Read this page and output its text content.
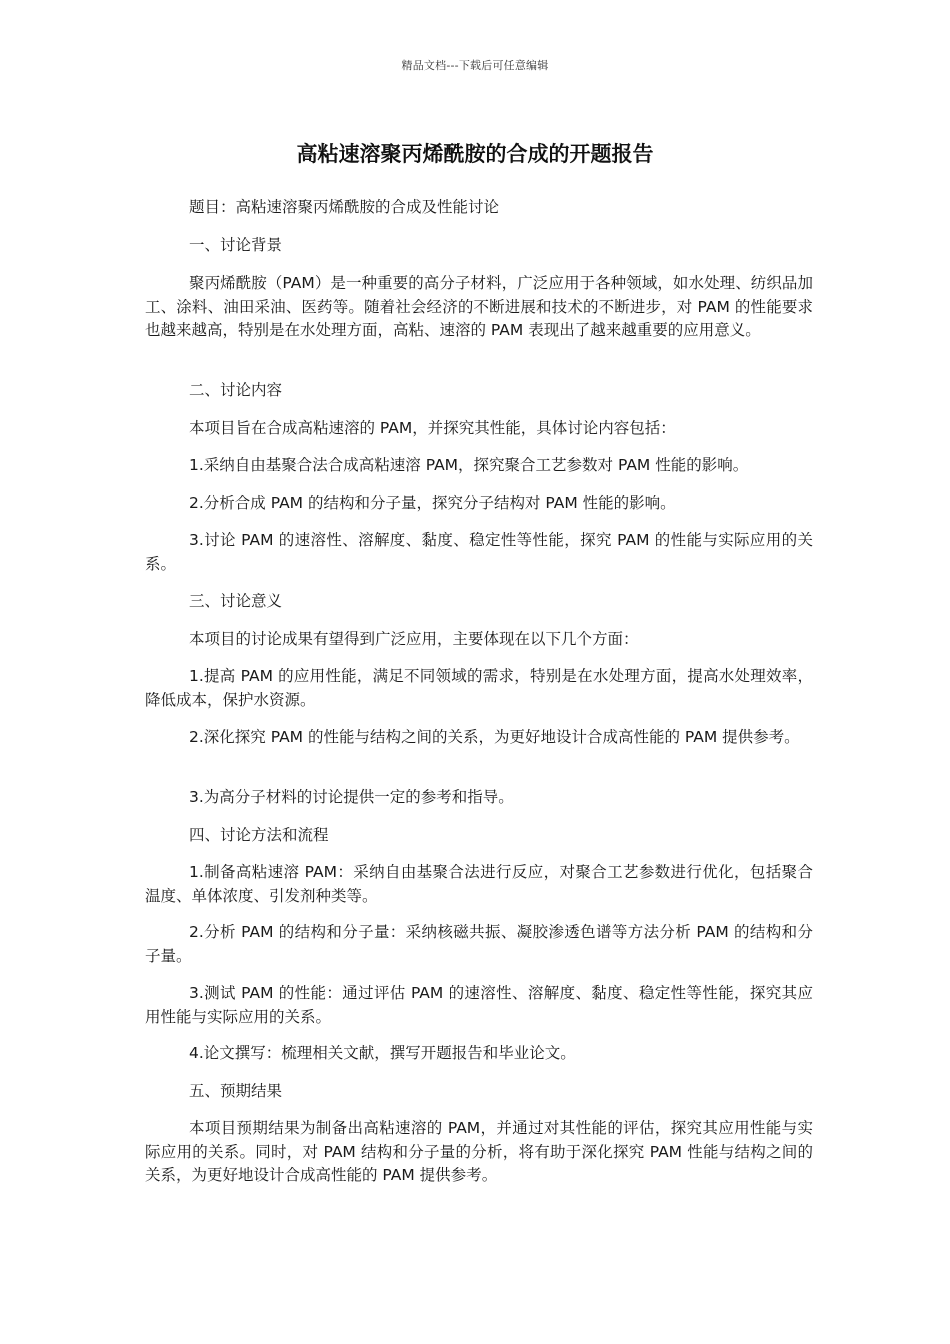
精品文档---下载后可任意编辑
高粘速溶聚丙烯酰胺的合成的开题报告

题目：高粘速溶聚丙烯酰胺的合成及性能讨论

一、讨论背景

聚丙烯酰胺（PAM）是一种重要的高分子材料，广泛应用于各种领域，如水处理、纺织品加工、涂料、油田采油、医药等。随着社会经济的不断进展和技术的不断进步，对 PAM 的性能要求也越来越高，特别是在水处理方面，高粘、速溶的 PAM 表现出了越来越重要的应用意义。

二、讨论内容

本项目旨在合成高粘速溶的 PAM，并探究其性能，具体讨论内容包括：

1.采纳自由基聚合法合成高粘速溶 PAM，探究聚合工艺参数对 PAM 性能的影响。

2.分析合成 PAM 的结构和分子量，探究分子结构对 PAM 性能的影响。

3.讨论 PAM 的速溶性、溶解度、黏度、稳定性等性能，探究 PAM 的性能与实际应用的关系。

三、讨论意义

本项目的讨论成果有望得到广泛应用，主要体现在以下几个方面：

1.提高 PAM 的应用性能，满足不同领域的需求，特别是在水处理方面，提高水处理效率，降低成本，保护水资源。

2.深化探究 PAM 的性能与结构之间的关系，为更好地设计合成高性能的 PAM 提供参考。

3.为高分子材料的讨论提供一定的参考和指导。

四、讨论方法和流程

1.制备高粘速溶 PAM：采纳自由基聚合法进行反应，对聚合工艺参数进行优化，包括聚合温度、单体浓度、引发剂种类等。

2.分析 PAM 的结构和分子量：采纳核磁共振、凝胶渗透色谱等方法分析 PAM 的结构和分子量。

3.测试 PAM 的性能：通过评估 PAM 的速溶性、溶解度、黏度、稳定性等性能，探究其应用性能与实际应用的关系。

4.论文撰写：梳理相关文献，撰写开题报告和毕业论文。

五、预期结果

本项目预期结果为制备出高粘速溶的 PAM，并通过对其性能的评估，探究其应用性能与实际应用的关系。同时，对 PAM 结构和分子量的分析，将有助于深化探究 PAM 性能与结构之间的关系，为更好地设计合成高性能的 PAM 提供参考。
